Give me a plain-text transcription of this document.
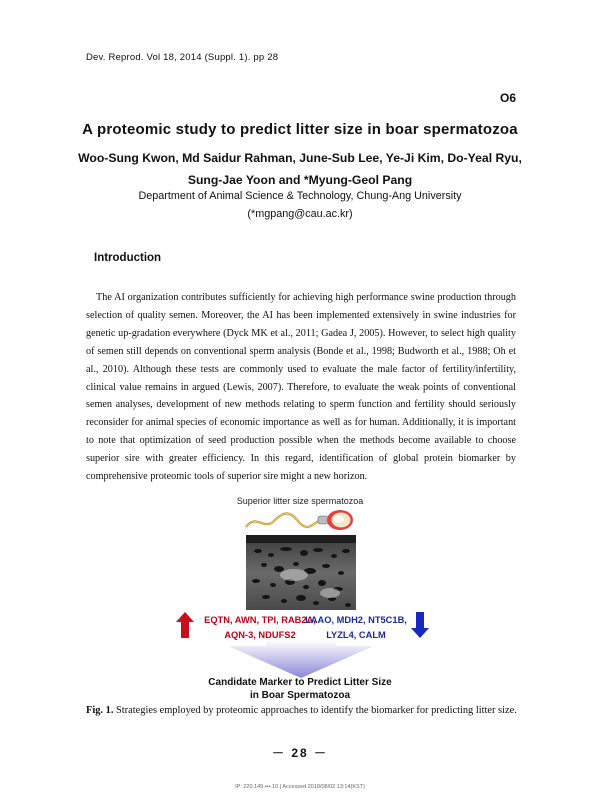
Dev. Reprod. Vol 18, 2014 (Suppl. 1). pp 28
O6
A proteomic study to predict litter size in boar spermatozoa
Woo-Sung Kwon, Md Saidur Rahman, June-Sub Lee, Ye-Ji Kim, Do-Yeal Ryu,
Sung-Jae Yoon and *Myung-Geol Pang
Department of Animal Science & Technology, Chung-Ang University
(*mgpang@cau.ac.kr)
Introduction

The AI organization contributes sufficiently for achieving high performance swine production through selection of quality semen. Moreover, the AI has been implemented extensively in swine industries for genetic up-gradation everywhere (Dyck MK et al., 2011; Gadea J, 2005). However, to select high quality of semen still depends on conventional sperm analysis (Bonde et al., 1998; Budworth et al., 1988; Oh et al., 2010). Although these tests are commonly used to evaluate the male factor of fertility/infertility, clinical value remains in argued (Lewis, 2007). Therefore, to evaluate the weak points of conventional semen analyses, development of new methods relating to sperm function and fertility should seriously reconsider for animal species of economic importance as well as for human. Additionally, it is important to note that optimization of seed production possible when the methods become available to choose superior sire with greater efficiency. In this regard, identification of global protein biomarker by comprehensive proteomic tools of superior sire might a new horizon.

Superior litter size spermatozoa
EQTN, AWN, TPI, RAB2A,
AQN-3, NDUFS2
LAAO, MDH2, NT5C1B,
LYZL4, CALM
Candidate Marker to Predict Litter Size
in Boar Spermatozoa
Fig. 1. Strategies employed by proteomic approaches to identify the biomarker for predicting litter size.
－ 28 －
IP: 220.149.•••.10 | Accessed 2018/08/02 13:14(KST)
